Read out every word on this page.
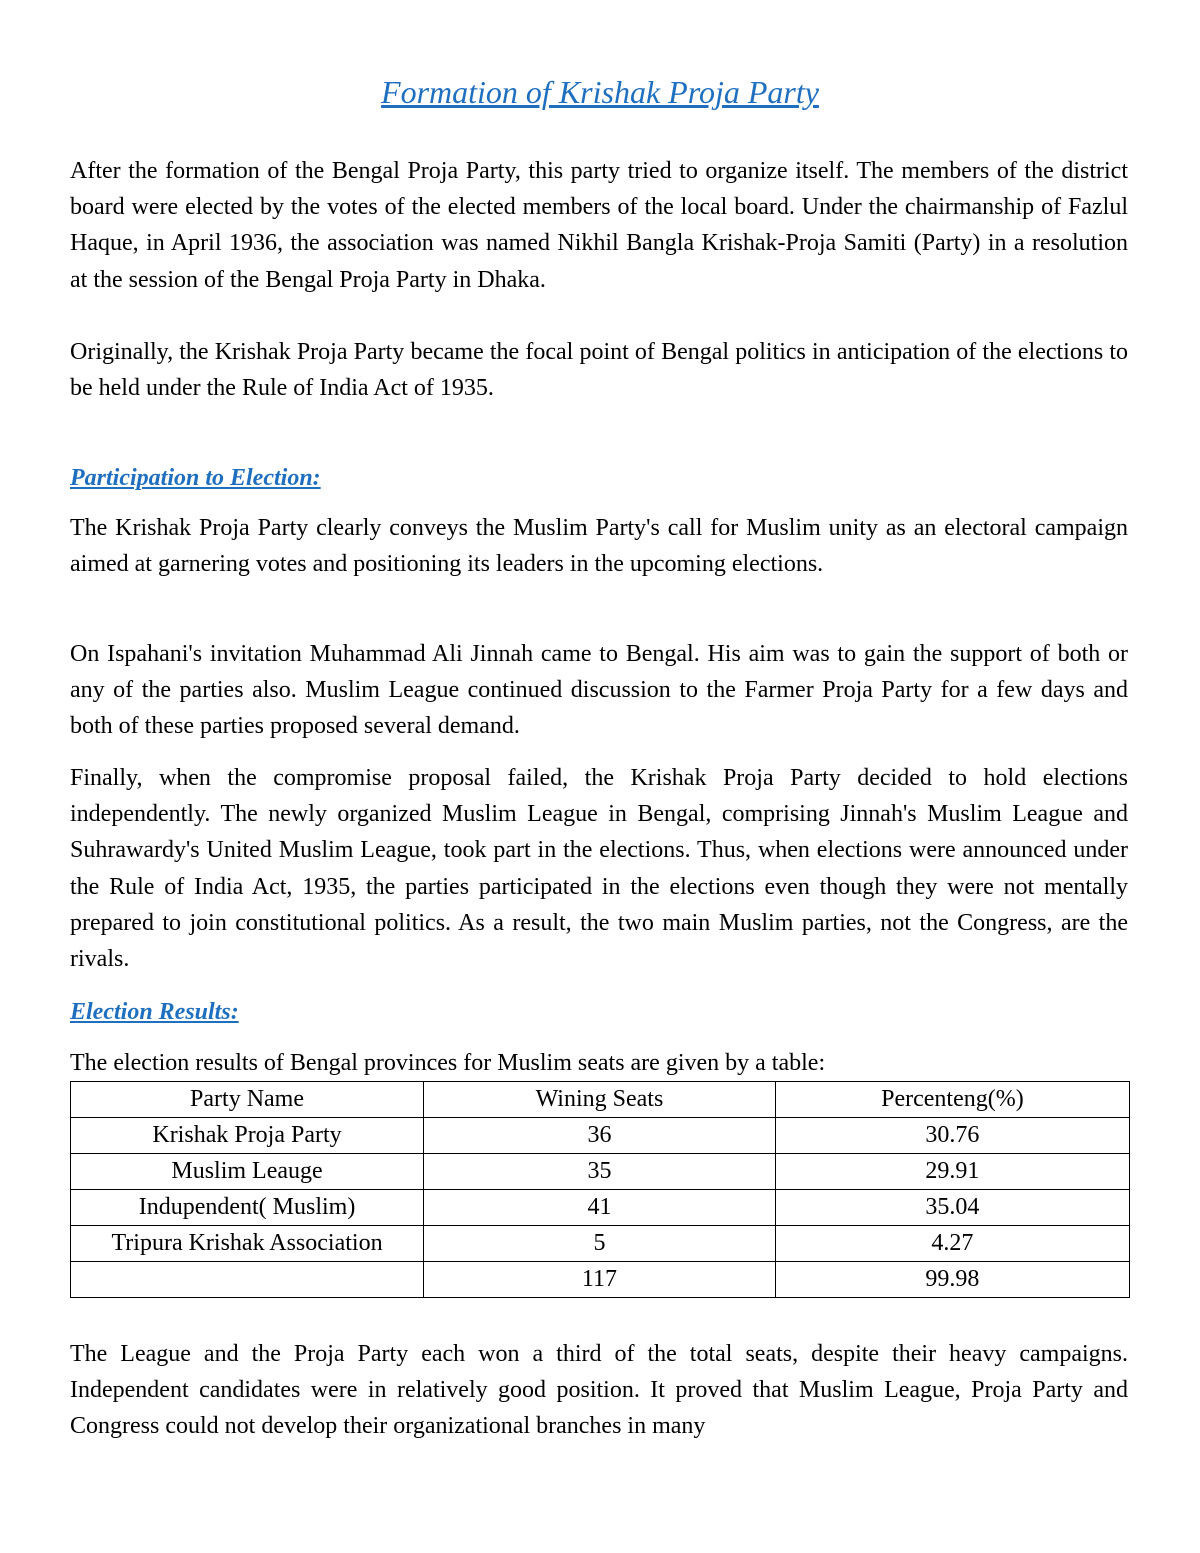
Formation of Krishak Proja Party

After the formation of the Bengal Proja Party, this party tried to organize itself. The members of the district board were elected by the votes of the elected members of the local board. Under the chairmanship of Fazlul Haque, in April 1936, the association was named Nikhil Bangla Krishak-Proja Samiti (Party) in a resolution at the session of the Bengal Proja Party in Dhaka.

Originally, the Krishak Proja Party became the focal point of Bengal politics in anticipation of the elections to be held under the Rule of India Act of 1935.

Participation to Election:

The Krishak Proja Party clearly conveys the Muslim Party's call for Muslim unity as an electoral campaign aimed at garnering votes and positioning its leaders in the upcoming elections.

On Ispahani's invitation Muhammad Ali Jinnah came to Bengal. His aim was to gain the support of both or any of the parties also. Muslim League continued discussion to the Farmer Proja Party for a few days and both of these parties proposed several demand.

Finally, when the compromise proposal failed, the Krishak Proja Party decided to hold elections independently. The newly organized Muslim League in Bengal, comprising Jinnah's Muslim League and Suhrawardy's United Muslim League, took part in the elections. Thus, when elections were announced under the Rule of India Act, 1935, the parties participated in the elections even though they were not mentally prepared to join constitutional politics. As a result, the two main Muslim parties, not the Congress, are the rivals.

Election Results:

The election results of Bengal provinces for Muslim seats are given by a table:

Party Name	Wining Seats	Percenteng(%)
Krishak Proja Party	36	30.76
Muslim Leauge	35	29.91
Indupendent( Muslim)	41	35.04
Tripura Krishak Association	5	4.27
	117	99.98

The League and the Proja Party each won a third of the total seats, despite their heavy campaigns. Independent candidates were in relatively good position. It proved that Muslim League, Proja Party and Congress could not develop their organizational branches in many
